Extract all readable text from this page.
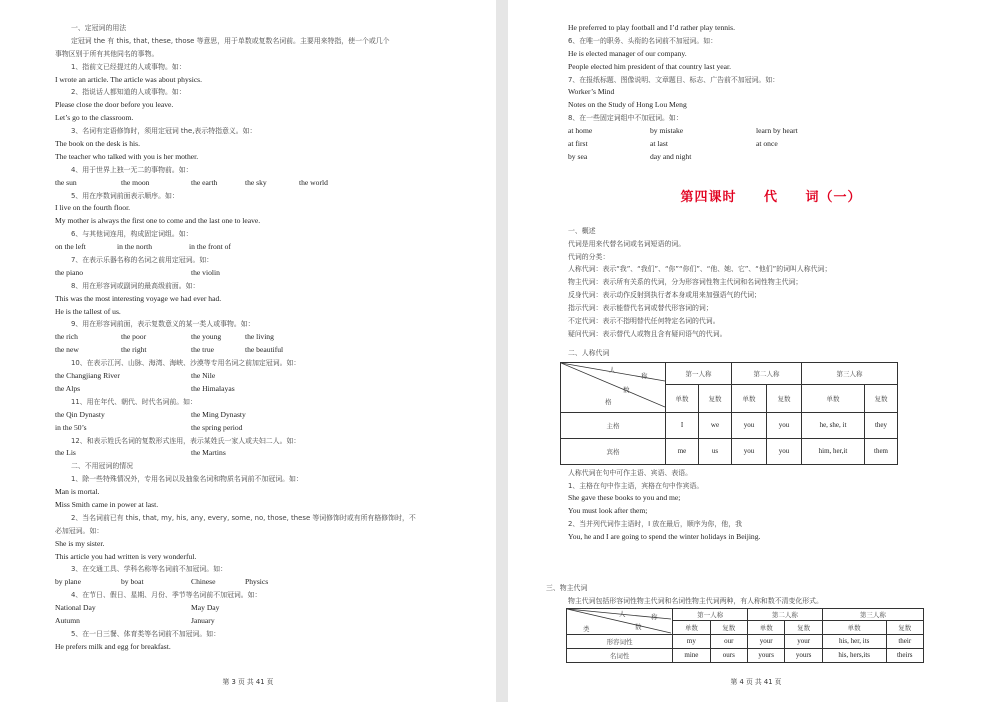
一、定冠词的用法
定冠词 the 有 this, that, these, those 等意思，用于单数或复数名词前。主要用来特指，使一个或几个
事物区别于所有其他同名的事物。
1、指前文已经提过的人或事物。如：
I wrote an article. The article was about physics.
2、指说话人都知道的人或事物。如：
Please close the door before you leave.
Let’s go to the classroom.
3、名词有定语修饰时，须用定冠词 the,表示特指意义。如：
The book on the desk is his.
The teacher who talked with you is her mother.
4、用于世界上独一无二的事物前。如：
the sun	the moon	the earth	the sky	the world
5、用在序数词前面表示顺序。如：
I live on the fourth floor.
My mother is always the first one to come and the last one to leave.
6、与其他词连用，构成固定词组。如：
on the left	in the north	in the front of
7、在表示乐器名称的名词之前用定冠词。如：
the piano	the violin
8、用在形容词或副词的最高级前面。如：
This was the most interesting voyage we had ever had.
He is the tallest of us.
9、用在形容词前面，表示复数意义的某一类人或事物。如：
the rich	the poor	the young	the living
the new	the right	the true	the beautiful
10、在表示江河、山脉、海湾、海峡、沙漠等专用名词之前加定冠词。如：
the Changjiang River	the Nile
the Alps	the Himalayas
11、用在年代、朝代、时代名词前。如：
the Qin Dynasty	the Ming Dynasty
in the 50’s	the spring period
12、和表示姓氏名词的复数形式连用，表示某姓氏一家人或夫妇二人。如：
the Lis	the Martins
二、不用冠词的情况
1、除一些特殊情况外，专用名词以及抽象名词和物质名词前不加冠词。如：
Man is mortal.
Miss Smith came in power at last.
2、当名词前已有 this, that, my, his, any, every, some, no, those, these 等词修饰时或有所有格修饰时，不
必加冠词。如：
She is my sister.
This article you had written is very wonderful.
3、在交通工具、学科名称等名词前不加冠词。如：
by plane	by boat	Chinese	Physics
4、在节日、假日、星期、月份、季节等名词前不加冠词。如：
National Day	May Day
Autumn	January
5、在一日三餐、体育类等名词前不加冠词。如：
He prefers milk and egg for breakfast.
第 3 页 共 41 页
He preferred to play football and I’d rather play tennis.
6、在唯一的职务、头衔的名词前不加冠词。如：
He is elected manager of our company.
People elected him president of that country last year.
7、在报纸标题、图像说明、文章题目、标志、广告前不加冠词。如：
Worker’s Mind
Notes on the Study of Hong Lou Meng
8、在一些固定词组中不加冠词。如：
at home	by mistake	learn by heart
at first	at last	at once
by sea	day and night
第四课时 代 词（一）
一、概述
代词是用来代替名词或名词短语的词。
代词的分类：
人称代词：表示“我”、“我们”、“你”“你们”、“他、她、它”、“他们”的词叫人称代词；
物主代词：表示所有关系的代词，分为形容词性物主代词和名词性物主代词；
反身代词：表示动作反射到执行者本身或用来加强语气的代词；
指示代词：表示能替代名词或替代形容词的词；
不定代词：表示不指明替代任何特定名词的代词。
疑问代词：表示替代人或物且含有疑问语气的代词。
二、人称代词
人
称
数
格	第一人称		第二人称		第三人称	
	单数	复数	单数	复数	单数	复数
主格	I	we	you	you	he, she, it	they
宾格	me	us	you	you	him, her,it	them
人称代词在句中可作主语、宾语、表语。
1、主格在句中作主语，宾格在句中作宾语。
She gave these books to you and me;
You must look after them;
2、当并列代词作主语时，I 放在最后，顺序为你，他，我
You, he and I are going to spend the winter holidays in Beijing.
三、物主代词
物主代词包括形容词性物主代词和名词性物主代词两种，有人称和数不清变化形式。
人 称
类 数	第一人称		第二人称		第三人称	
	单数	复数	单数	复数	单数	复数
形容词性	my	our	your	your	his, her, its	their
名词性	mine	ours	yours	yours	his, hers,its	theirs
第 4 页 共 41 页
